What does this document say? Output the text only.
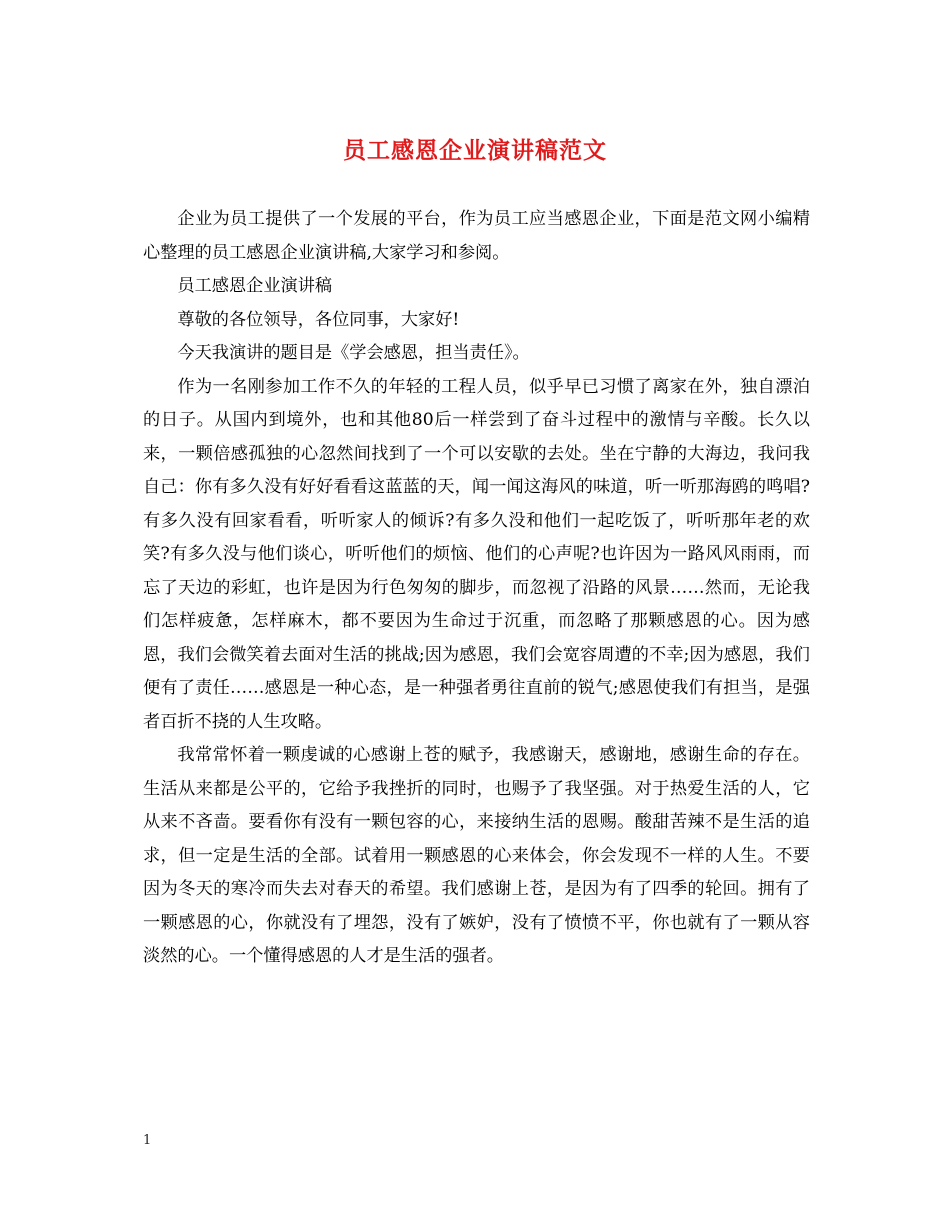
员工感恩企业演讲稿范文

企业为员工提供了一个发展的平台，作为员工应当感恩企业，下面是范文网小编精心整理的员工感恩企业演讲稿,大家学习和参阅。

员工感恩企业演讲稿

尊敬的各位领导，各位同事，大家好!

今天我演讲的题目是《学会感恩，担当责任》。

作为一名刚参加工作不久的年轻的工程人员，似乎早已习惯了离家在外，独自漂泊的日子。从国内到境外，也和其他80后一样尝到了奋斗过程中的激情与辛酸。长久以来，一颗倍感孤独的心忽然间找到了一个可以安歇的去处。坐在宁静的大海边，我问我自己：你有多久没有好好看看这蓝蓝的天，闻一闻这海风的味道，听一听那海鸥的鸣唱?有多久没有回家看看，听听家人的倾诉?有多久没和他们一起吃饭了，听听那年老的欢笑?有多久没与他们谈心，听听他们的烦恼、他们的心声呢?也许因为一路风风雨雨，而忘了天边的彩虹，也许是因为行色匆匆的脚步，而忽视了沿路的风景……然而，无论我们怎样疲惫，怎样麻木，都不要因为生命过于沉重，而忽略了那颗感恩的心。因为感恩，我们会微笑着去面对生活的挑战;因为感恩，我们会宽容周遭的不幸;因为感恩，我们便有了责任……感恩是一种心态，是一种强者勇往直前的锐气;感恩使我们有担当，是强者百折不挠的人生攻略。

我常常怀着一颗虔诚的心感谢上苍的赋予，我感谢天，感谢地，感谢生命的存在。生活从来都是公平的，它给予我挫折的同时，也赐予了我坚强。对于热爱生活的人，它从来不吝啬。要看你有没有一颗包容的心，来接纳生活的恩赐。酸甜苦辣不是生活的追求，但一定是生活的全部。试着用一颗感恩的心来体会，你会发现不一样的人生。不要因为冬天的寒冷而失去对春天的希望。我们感谢上苍，是因为有了四季的轮回。拥有了一颗感恩的心，你就没有了埋怨，没有了嫉妒，没有了愤愤不平，你也就有了一颗从容淡然的心。一个懂得感恩的人才是生活的强者。

1
